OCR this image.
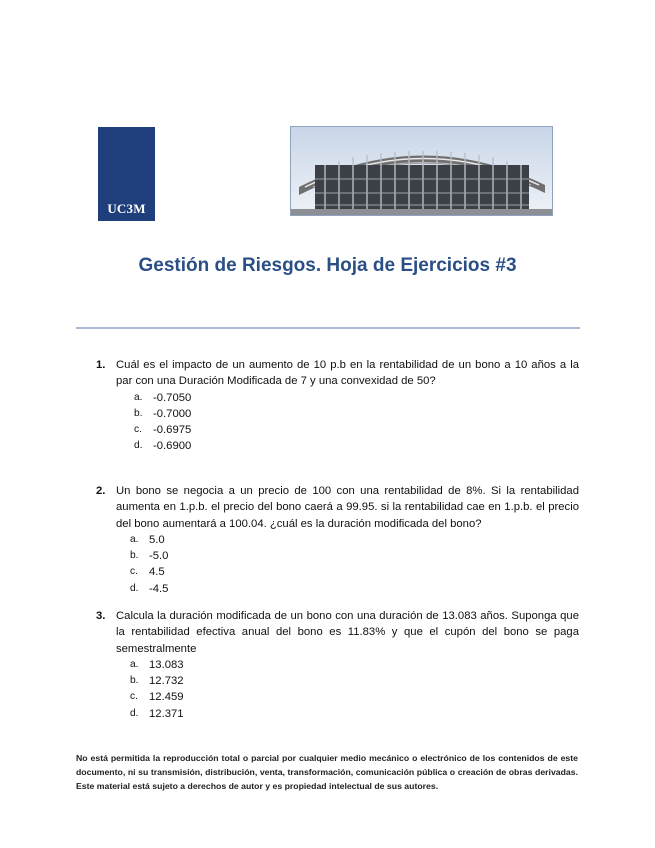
UC3M
Gestión de Riesgos. Hoja de Ejercicios #3
1. Cuál es el impacto de un aumento de 10 p.b en la rentabilidad de un bono a 10 años a la par con una Duración Modificada de 7 y una convexidad de 50?
a. -0.7050
b. -0.7000
c. -0.6975
d. -0.6900
2. Un bono se negocia a un precio de 100 con una rentabilidad de 8%. Si la rentabilidad aumenta en 1.p.b. el precio del bono caerá a 99.95. si la rentabilidad cae en 1.p.b. el precio del bono aumentará a 100.04. ¿cuál es la duración modificada del bono?
a. 5.0
b. -5.0
c. 4.5
d. -4.5
3. Calcula la duración modificada de un bono con una duración de 13.083 años. Suponga que la rentabilidad efectiva anual del bono es 11.83% y que el cupón del bono se paga semestralmente
a. 13.083
b. 12.732
c. 12.459
d. 12.371
No está permitida la reproducción total o parcial por cualquier medio mecánico o electrónico de los contenidos de este documento, ni su transmisión, distribución, venta, transformación, comunicación pública o creación de obras derivadas. Este material está sujeto a derechos de autor y es propiedad intelectual de sus autores.
